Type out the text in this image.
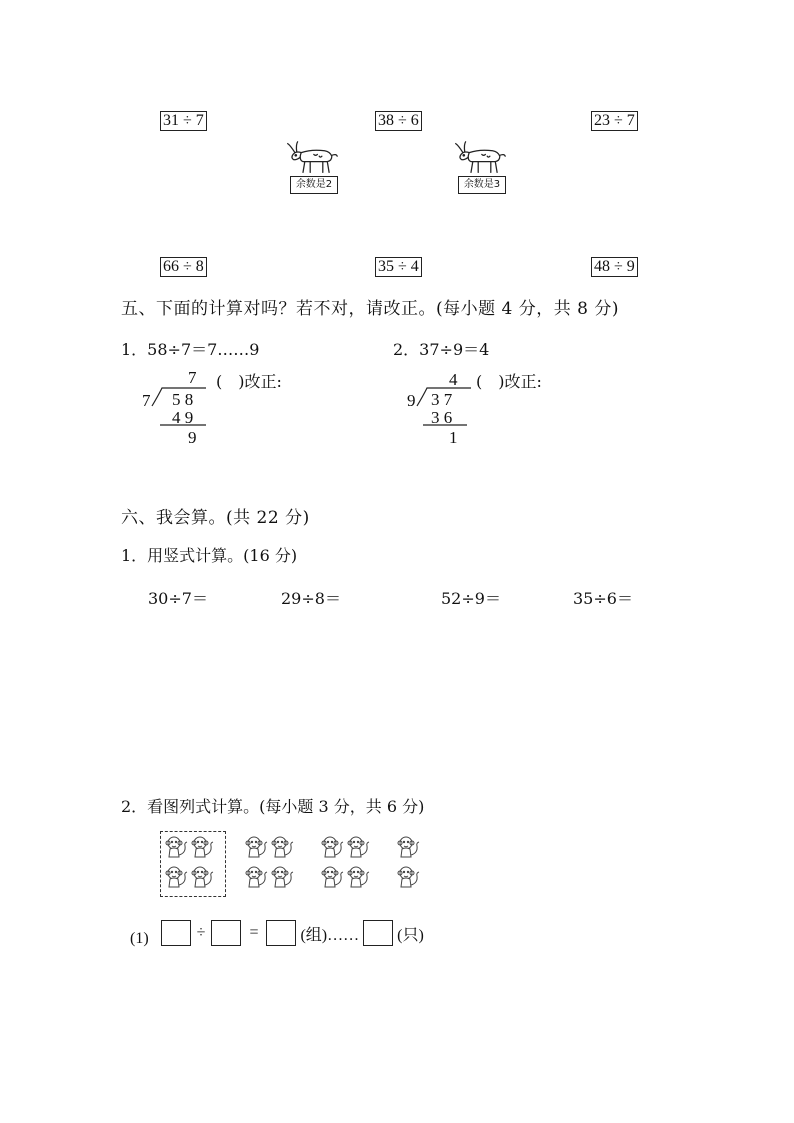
31 ÷ 7	38 ÷ 6	23 ÷ 7
余数是2	余数是3
66 ÷ 8	35 ÷ 4	48 ÷ 9
五、下面的计算对吗？若不对，请改正。(每小题 4 分，共 8 分)
1．58÷7＝7……9
7
7 5 8
4 9
9
(　)改正:
2．37÷9＝4
4
9 3 7
3 6
1
(　)改正:
六、我会算。(共 22 分)
1．用竖式计算。(16 分)
30÷7＝	29÷8＝	52÷9＝	35÷6＝
2．看图列式计算。(每小题 3 分，共 6 分)
(1)	÷	=	(组)…… (只)
